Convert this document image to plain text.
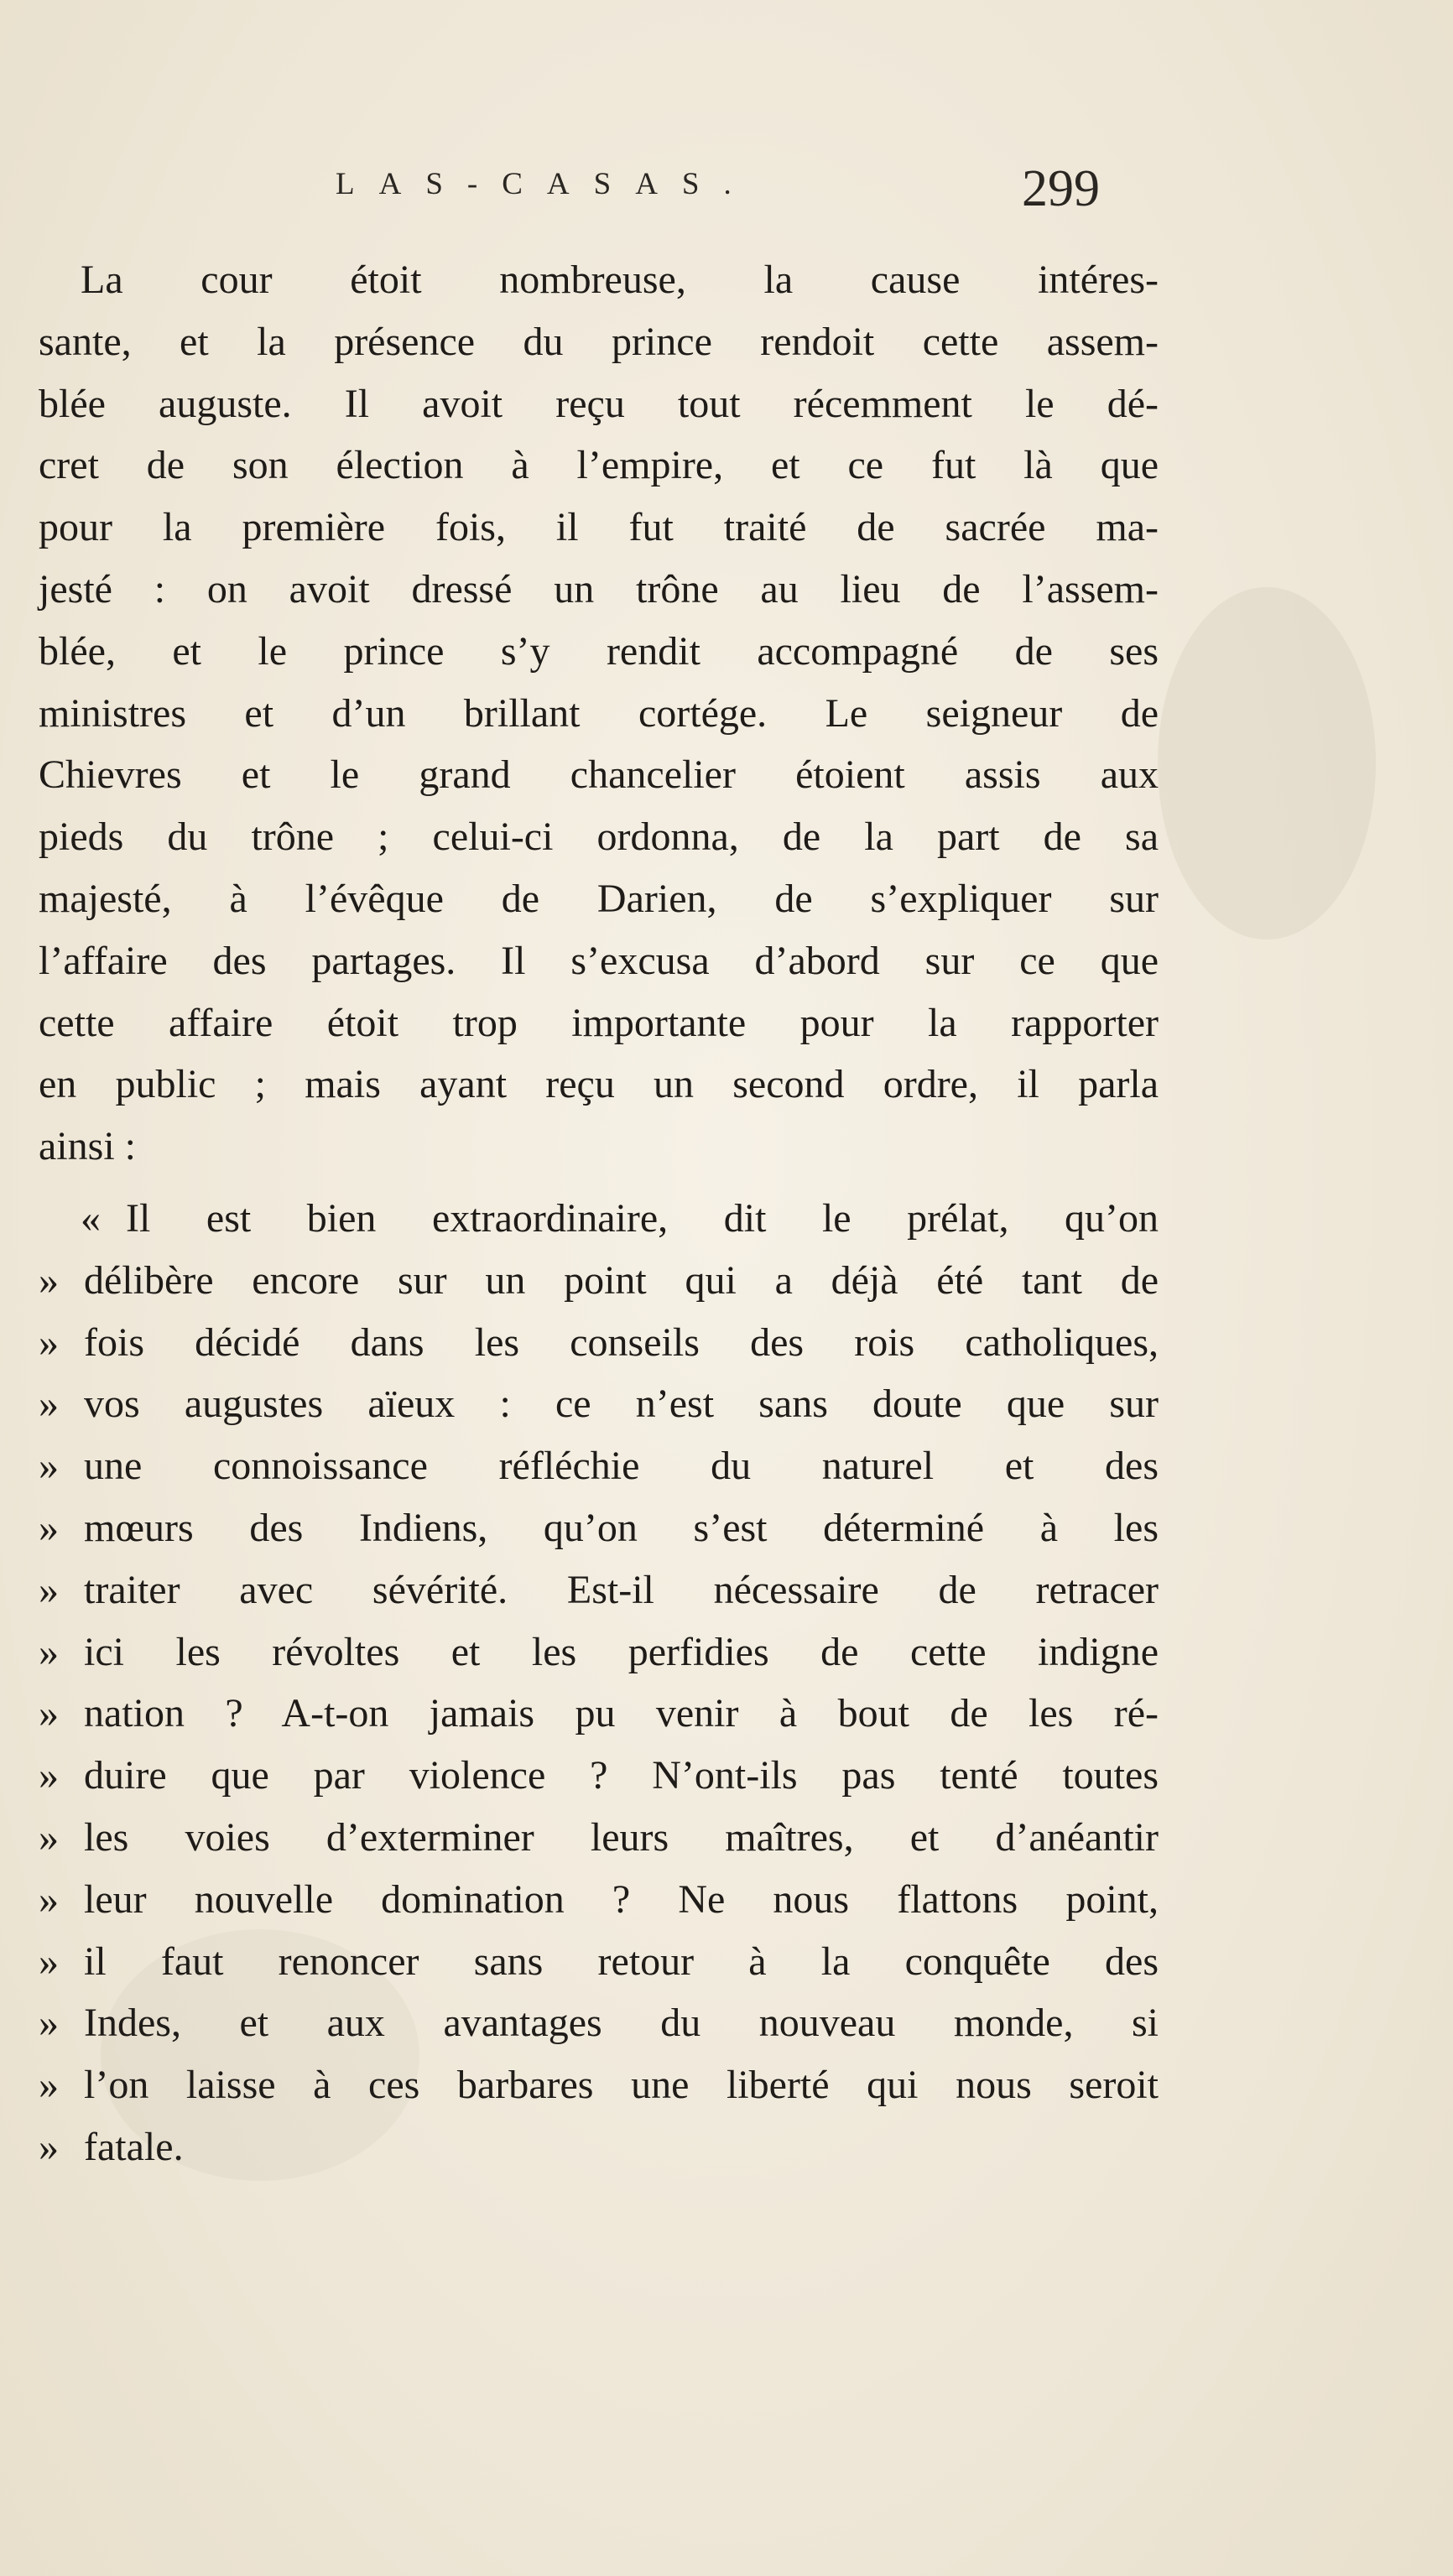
LAS-CASAS.	299
La cour étoit nombreuse, la cause intéres-
sante, et la présence du prince rendoit cette assem-
blée auguste. Il avoit reçu tout récemment le dé-
cret de son élection à l’empire, et ce fut là que
pour la première fois, il fut traité de sacrée ma-
jesté : on avoit dressé un trône au lieu de l’assem-
blée, et le prince s’y rendit accompagné de ses
ministres et d’un brillant cortége. Le seigneur de
Chievres et le grand chancelier étoient assis aux
pieds du trône ; celui-ci ordonna, de la part de sa
majesté, à l’évêque de Darien, de s’expliquer sur
l’affaire des partages. Il s’excusa d’abord sur ce que
cette affaire étoit trop importante pour la rapporter
en public ; mais ayant reçu un second ordre, il parla
ainsi :
« Il est bien extraordinaire, dit le prélat, qu’on
» délibère encore sur un point qui a déjà été tant de
» fois décidé dans les conseils des rois catholiques,
» vos augustes aïeux : ce n’est sans doute que sur
» une connoissance réfléchie du naturel et des
» mœurs des Indiens, qu’on s’est déterminé à les
» traiter avec sévérité. Est-il nécessaire de retracer
» ici les révoltes et les perfidies de cette indigne
» nation ? A-t-on jamais pu venir à bout de les ré-
» duire que par violence ? N’ont-ils pas tenté toutes
» les voies d’exterminer leurs maîtres, et d’anéantir
» leur nouvelle domination ? Ne nous flattons point,
» il faut renoncer sans retour à la conquête des
» Indes, et aux avantages du nouveau monde, si
» l’on laisse à ces barbares une liberté qui nous seroit
» fatale.
